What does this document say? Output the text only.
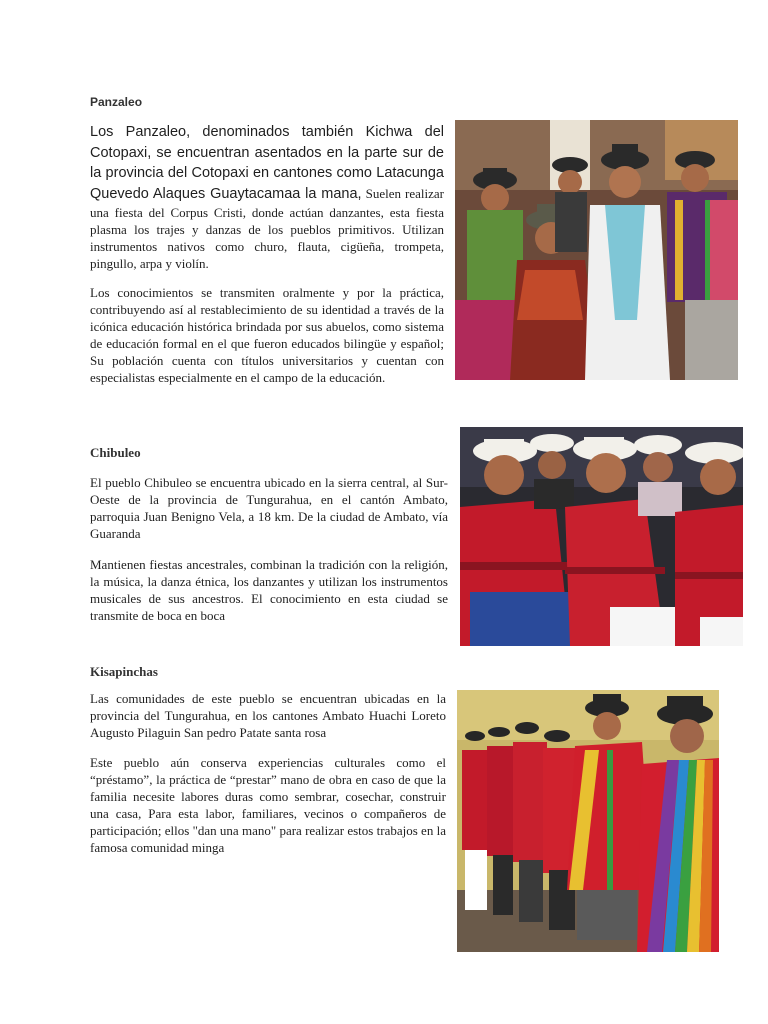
Panzaleo

Los Panzaleo, denominados también Kichwa del Cotopaxi, se encuentran asentados en la parte sur de la provincia del Cotopaxi en cantones como Latacunga Quevedo Alaques Guaytacamaa la mana, Suelen realizar una fiesta del Corpus Cristi, donde actúan danzantes, esta fiesta plasma los trajes y danzas de los pueblos primitivos. Utilizan instrumentos nativos como churo, flauta, cigüeña, trompeta, pingullo, arpa y violín.

Los conocimientos se transmiten oralmente y por la práctica, contribuyendo así al restablecimiento de su identidad a través de la icónica educación histórica brindada por sus abuelos, como sistema de educación formal en el que fueron educados bilingüe y español; Su población cuenta con títulos universitarios y cuentan con especialistas especialmente en el campo de la educación.

Chibuleo

El pueblo Chibuleo se encuentra ubicado en la sierra central, al Sur-Oeste de la provincia de Tungurahua, en el cantón Ambato, parroquia Juan Benigno Vela, a 18 km. De la ciudad de Ambato, vía Guaranda

Mantienen fiestas ancestrales, combinan la tradición con la religión, la música, la danza étnica, los danzantes y utilizan los instrumentos musicales de sus ancestros. El conocimiento en esta ciudad se transmite de boca en boca

Kisapinchas

Las comunidades de este pueblo se encuentran ubicadas en la provincia del Tungurahua, en los cantones Ambato Huachi Loreto Augusto Pilaguin San pedro Patate santa rosa

Este pueblo aún conserva experiencias culturales como el “préstamo”, la práctica de “prestar” mano de obra en caso de que la familia necesite labores duras como sembrar, cosechar, construir una casa, Para esta labor, familiares, vecinos o compañeros de participación; ellos "dan una mano" para realizar estos trabajos en la famosa comunidad minga
